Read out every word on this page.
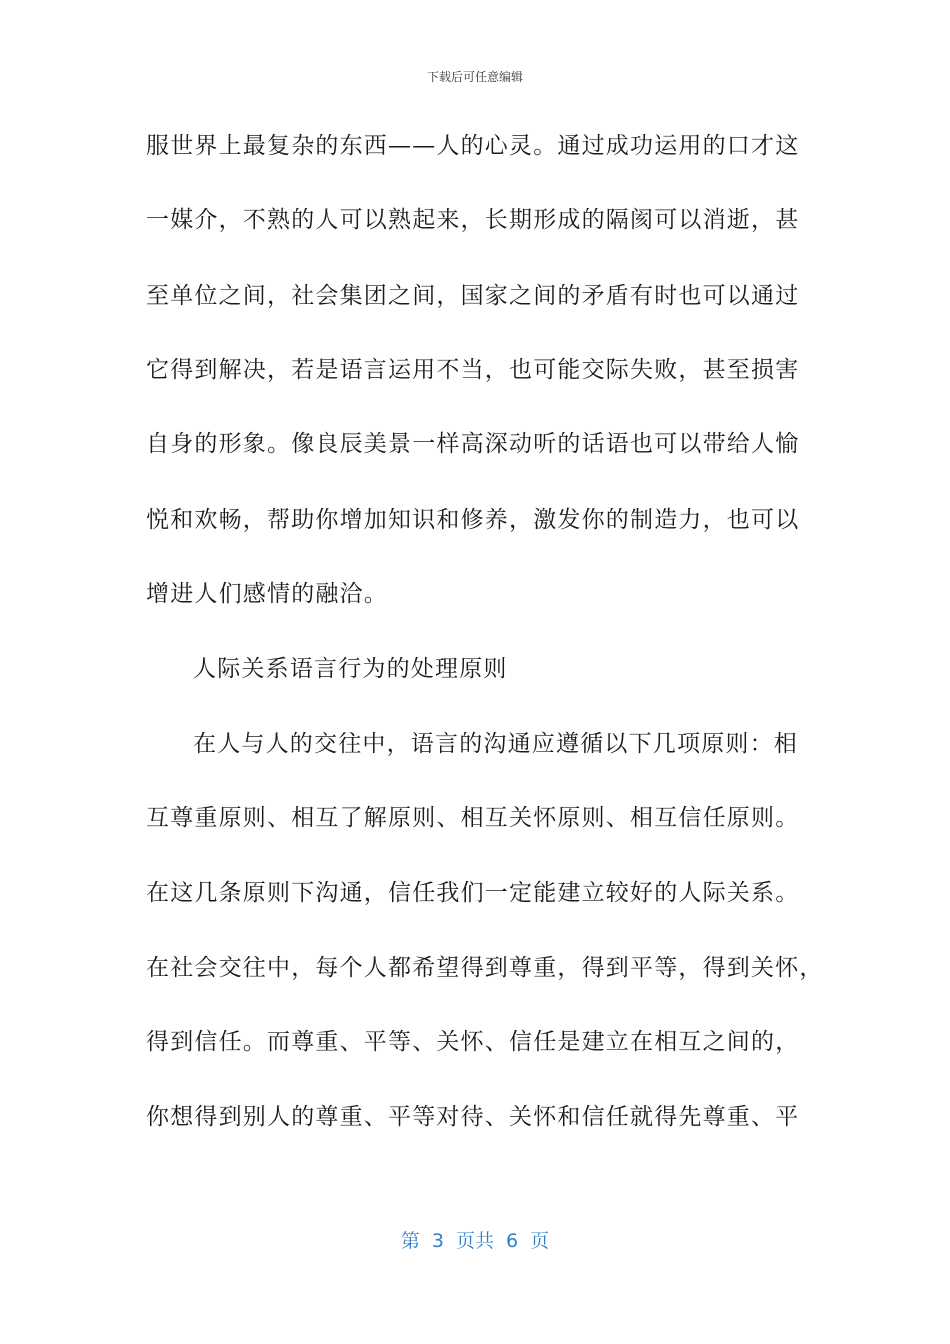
下载后可任意编辑
服世界上最复杂的东西——人的心灵。通过成功运用的口才这
一媒介，不熟的人可以熟起来，长期形成的隔阂可以消逝，甚
至单位之间，社会集团之间，国家之间的矛盾有时也可以通过
它得到解决，若是语言运用不当，也可能交际失败，甚至损害
自身的形象。像良辰美景一样高深动听的话语也可以带给人愉
悦和欢畅，帮助你增加知识和修养，激发你的制造力，也可以
增进人们感情的融洽。
人际关系语言行为的处理原则
在人与人的交往中，语言的沟通应遵循以下几项原则：相
互尊重原则、相互了解原则、相互关怀原则、相互信任原则。
在这几条原则下沟通，信任我们一定能建立较好的人际关系。
在社会交往中，每个人都希望得到尊重，得到平等，得到关怀，
得到信任。而尊重、平等、关怀、信任是建立在相互之间的，
你想得到别人的尊重、平等对待、关怀和信任就得先尊重、平
第 3 页共 6 页
